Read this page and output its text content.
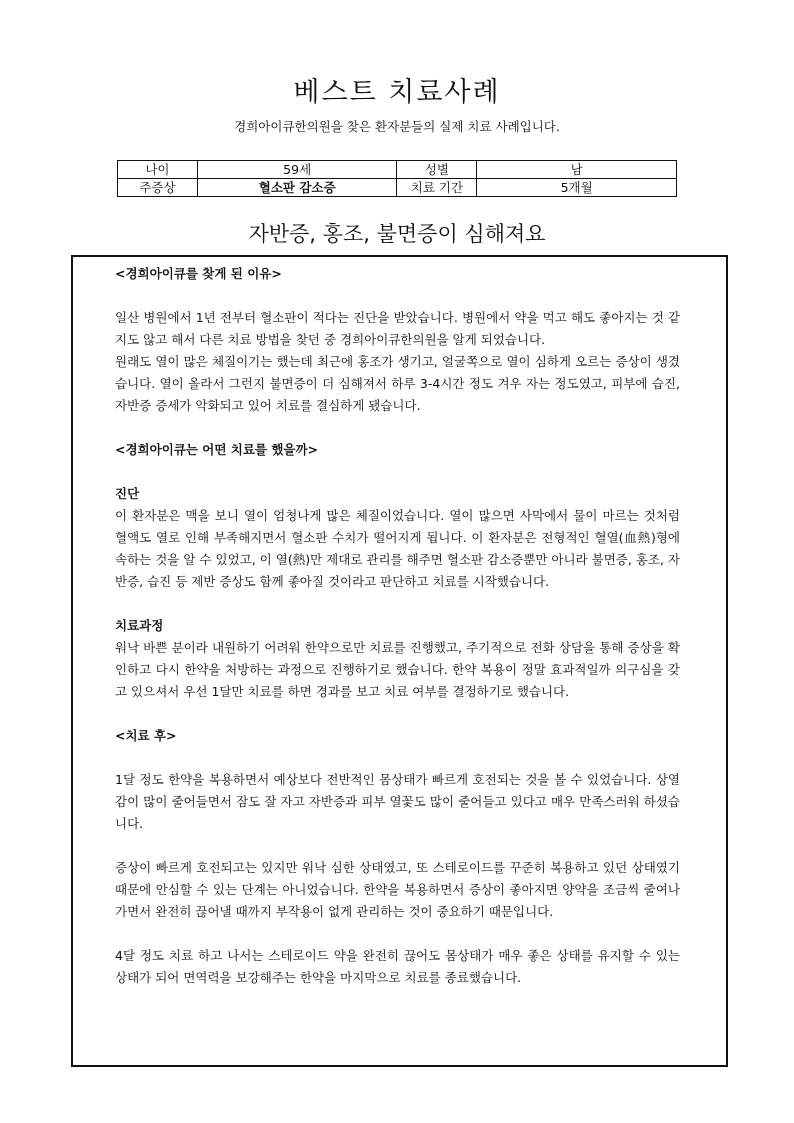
베스트 치료사례
경희아이큐한의원을 찾은 환자분들의 실제 치료 사례입니다.
나이	59세	성별	남
주증상	혈소판 감소증	치료 기간	5개월
자반증, 홍조, 불면증이 심해져요

<경희아이큐를 찾게 된 이유>

일산 병원에서 1년 전부터 혈소판이 적다는 진단을 받았습니다. 병원에서 약을 먹고 해도 좋아지는 것 같지도 않고 해서 다른 치료 방법을 찾던 중 경희아이큐한의원을 알게 되었습니다.

원래도 열이 많은 체질이기는 했는데 최근에 홍조가 생기고, 얼굴쪽으로 열이 심하게 오르는 증상이 생겼습니다. 열이 올라서 그런지 불면증이 더 심해져서 하루 3-4시간 정도 겨우 자는 정도였고, 피부에 습진, 자반증 증세가 악화되고 있어 치료를 결심하게 됐습니다.

<경희아이큐는 어떤 치료를 했을까>

진단

이 환자분은 맥을 보니 열이 엄청나게 많은 체질이었습니다. 열이 많으면 사막에서 물이 마르는 것처럼 혈액도 열로 인해 부족해지면서 혈소판 수치가 떨어지게 됩니다. 이 환자분은 전형적인 혈열(血熱)형에 속하는 것을 알 수 있었고, 이 열(熱)만 제대로 관리를 해주면 혈소판 감소증뿐만 아니라 불면증, 홍조, 자반증, 습진 등 제반 증상도 함께 좋아질 것이라고 판단하고 치료를 시작했습니다.

치료과정

워낙 바쁜 분이라 내원하기 어려워 한약으로만 치료를 진행했고, 주기적으로 전화 상담을 통해 증상을 확인하고 다시 한약을 처방하는 과정으로 진행하기로 했습니다. 한약 복용이 정말 효과적일까 의구심을 갖고 있으셔서 우선 1달만 치료를 하면 경과를 보고 치료 여부를 결정하기로 했습니다.

<치료 후>

1달 정도 한약을 복용하면서 예상보다 전반적인 몸상태가 빠르게 호전되는 것을 볼 수 있었습니다. 상열감이 많이 줄어들면서 잠도 잘 자고 자반증과 피부 열꽃도 많이 줄어들고 있다고 매우 만족스러워 하셨습니다.

증상이 빠르게 호전되고는 있지만 워낙 심한 상태였고, 또 스테로이드를 꾸준히 복용하고 있던 상태였기 때문에 안심할 수 있는 단계는 아니었습니다. 한약을 복용하면서 증상이 좋아지면 양약을 조금씩 줄여나가면서 완전히 끊어낼 때까지 부작용이 없게 관리하는 것이 중요하기 때문입니다.

4달 정도 치료 하고 나서는 스테로이드 약을 완전히 끊어도 몸상태가 매우 좋은 상태를 유지할 수 있는 상태가 되어 면역력을 보강해주는 한약을 마지막으로 치료를 종료했습니다.
